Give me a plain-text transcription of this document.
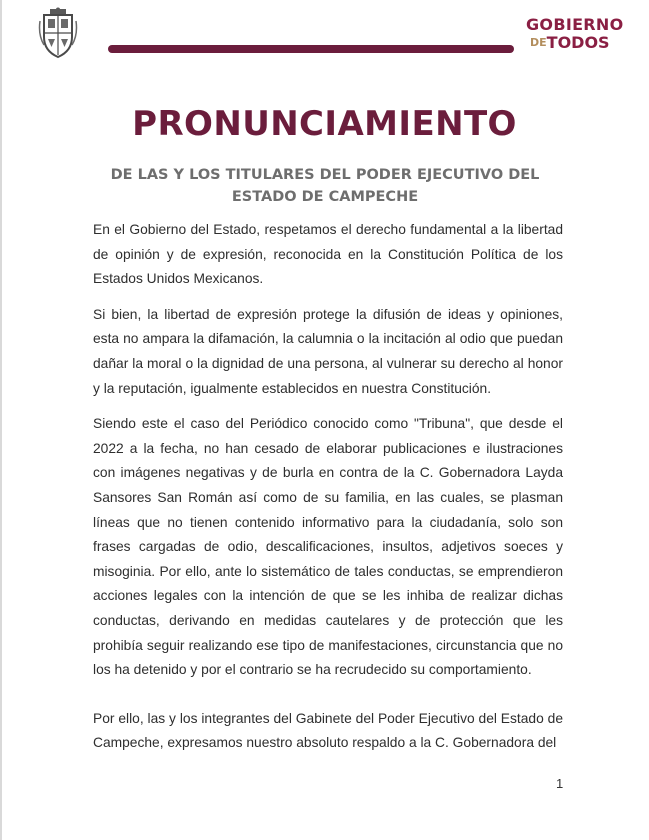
GOBIERNO
DETODOS
PRONUNCIAMIENTO
DE LAS Y LOS TITULARES DEL PODER EJECUTIVO DEL ESTADO DE CAMPECHE

En el Gobierno del Estado, respetamos el derecho fundamental a la libertad de opinión y de expresión, reconocida en la Constitución Política de los Estados Unidos Mexicanos.

Si bien, la libertad de expresión protege la difusión de ideas y opiniones, esta no ampara la difamación, la calumnia o la incitación al odio que puedan dañar la moral o la dignidad de una persona, al vulnerar su derecho al honor y la reputación, igualmente establecidos en nuestra Constitución.

Siendo este el caso del Periódico conocido como "Tribuna", que desde el 2022 a la fecha, no han cesado de elaborar publicaciones e ilustraciones con imágenes negativas y de burla en contra de la C. Gobernadora Layda Sansores San Román así como de su familia, en las cuales, se plasman líneas que no tienen contenido informativo para la ciudadanía, solo son frases cargadas de odio, descalificaciones, insultos, adjetivos soeces y misoginia. Por ello, ante lo sistemático de tales conductas, se emprendieron acciones legales con la intención de que se les inhiba de realizar dichas conductas, derivando en medidas cautelares y de protección que les prohibía seguir realizando ese tipo de manifestaciones, circunstancia que no los ha detenido y por el contrario se ha recrudecido su comportamiento.

Por ello, las y los integrantes del Gabinete del Poder Ejecutivo del Estado de Campeche, expresamos nuestro absoluto respaldo a la C. Gobernadora del

1
